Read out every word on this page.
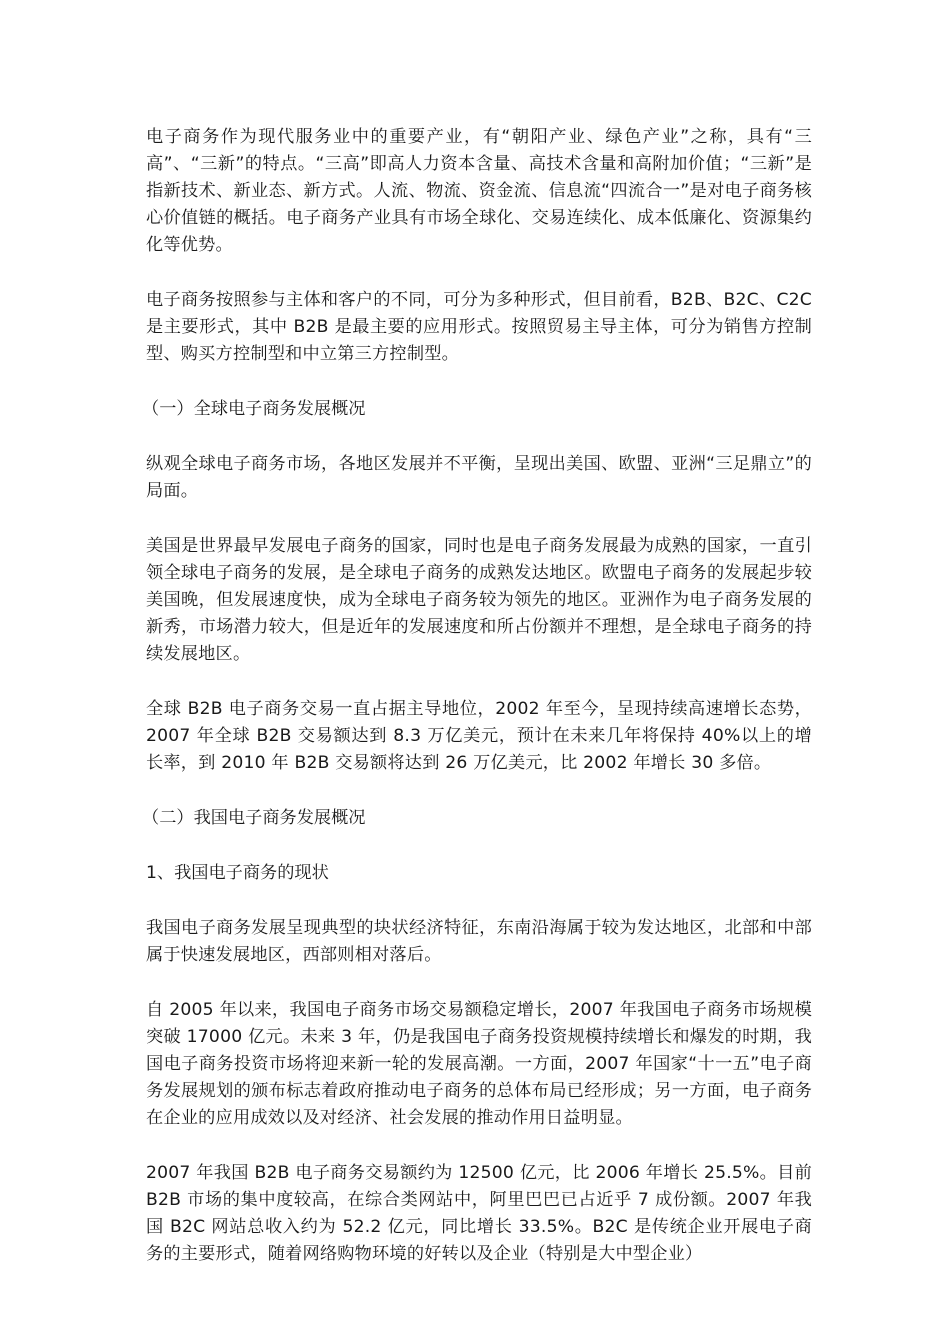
电子商务作为现代服务业中的重要产业，有“朝阳产业、绿色产业”之称，具有“三高”、“三新”的特点。“三高”即高人力资本含量、高技术含量和高附加价值；“三新”是指新技术、新业态、新方式。人流、物流、资金流、信息流“四流合一”是对电子商务核心价值链的概括。电子商务产业具有市场全球化、交易连续化、成本低廉化、资源集约化等优势。

电子商务按照参与主体和客户的不同，可分为多种形式，但目前看，B2B、B2C、C2C 是主要形式，其中 B2B 是最主要的应用形式。按照贸易主导主体，可分为销售方控制型、购买方控制型和中立第三方控制型。

（一）全球电子商务发展概况

纵观全球电子商务市场，各地区发展并不平衡，呈现出美国、欧盟、亚洲“三足鼎立”的局面。

美国是世界最早发展电子商务的国家，同时也是电子商务发展最为成熟的国家，一直引领全球电子商务的发展，是全球电子商务的成熟发达地区。欧盟电子商务的发展起步较美国晚，但发展速度快，成为全球电子商务较为领先的地区。亚洲作为电子商务发展的新秀，市场潜力较大，但是近年的发展速度和所占份额并不理想，是全球电子商务的持续发展地区。

全球 B2B 电子商务交易一直占据主导地位，2002 年至今，呈现持续高速增长态势，2007 年全球 B2B 交易额达到 8.3 万亿美元，预计在未来几年将保持 40%以上的增长率，到 2010 年 B2B 交易额将达到 26 万亿美元，比 2002 年增长 30 多倍。

（二）我国电子商务发展概况

1、我国电子商务的现状

我国电子商务发展呈现典型的块状经济特征，东南沿海属于较为发达地区，北部和中部属于快速发展地区，西部则相对落后。

自 2005 年以来，我国电子商务市场交易额稳定增长，2007 年我国电子商务市场规模突破 17000 亿元。未来 3 年，仍是我国电子商务投资规模持续增长和爆发的时期，我国电子商务投资市场将迎来新一轮的发展高潮。一方面，2007 年国家“十一五”电子商务发展规划的颁布标志着政府推动电子商务的总体布局已经形成；另一方面，电子商务在企业的应用成效以及对经济、社会发展的推动作用日益明显。

2007 年我国 B2B 电子商务交易额约为 12500 亿元，比 2006 年增长 25.5%。目前 B2B 市场的集中度较高，在综合类网站中，阿里巴巴已占近乎 7 成份额。2007 年我国 B2C 网站总收入约为 52.2 亿元，同比增长 33.5%。B2C 是传统企业开展电子商务的主要形式，随着网络购物环境的好转以及企业（特别是大中型企业）
